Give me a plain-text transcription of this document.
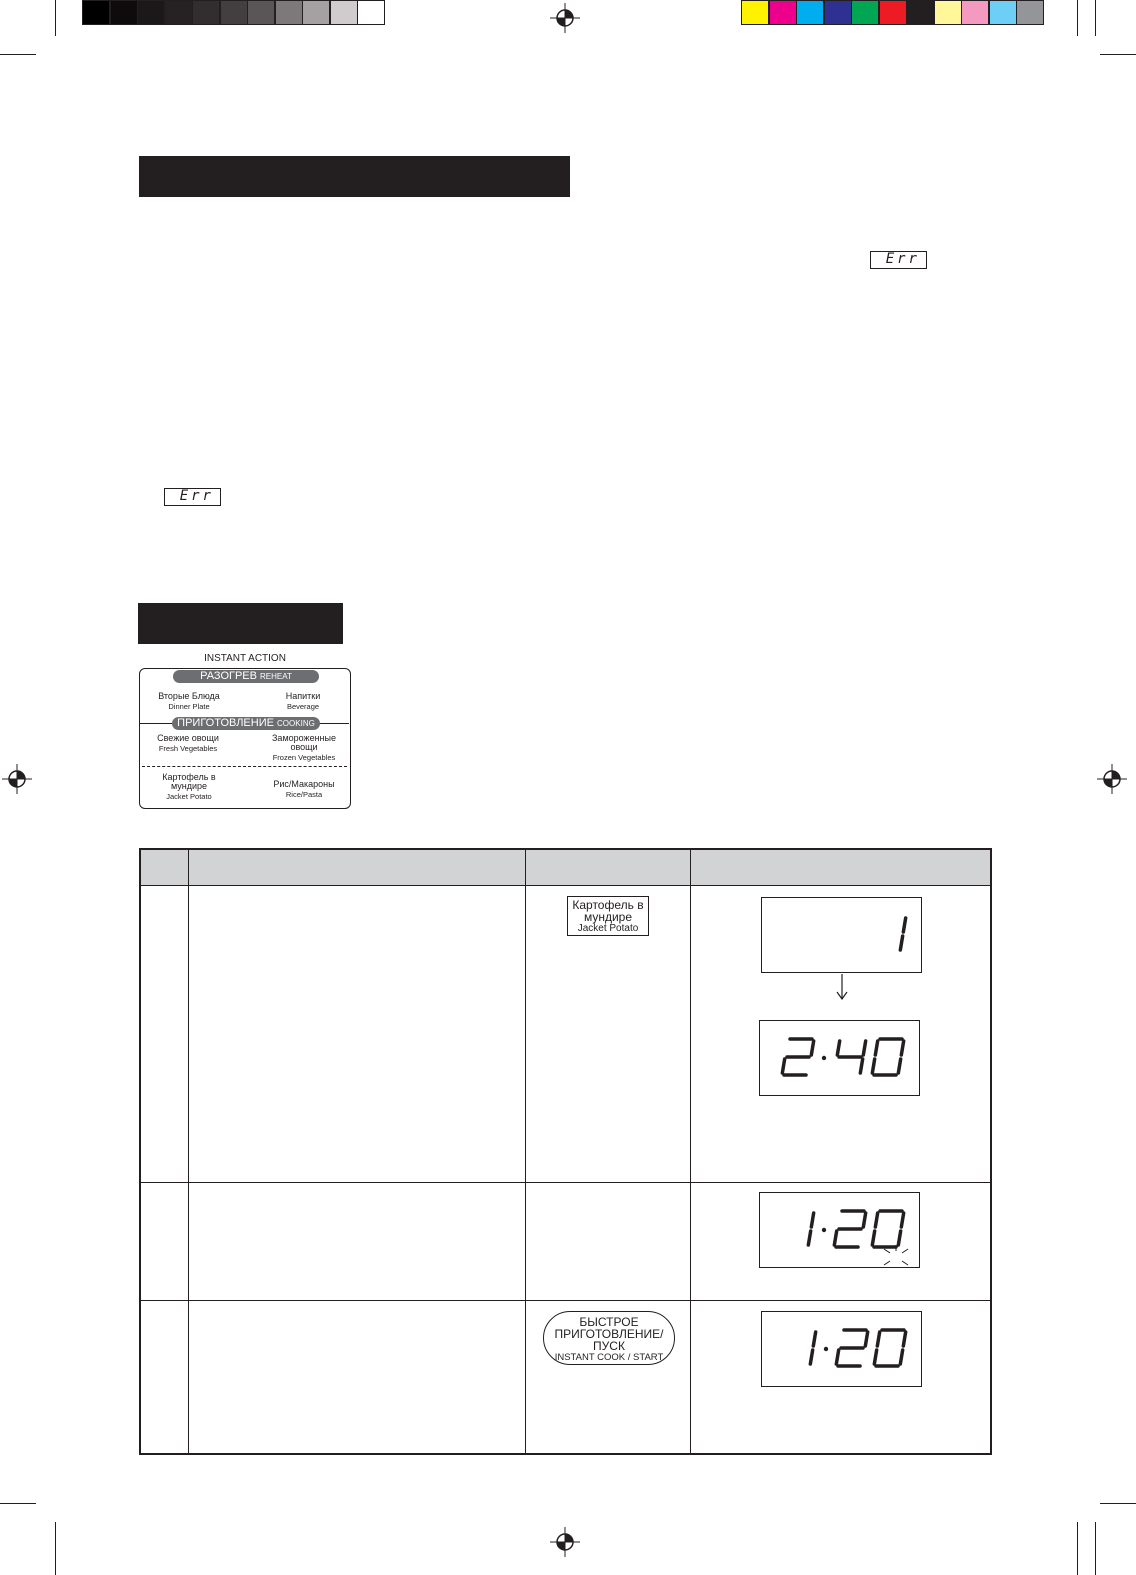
Err
Err
INSTANT ACTION
РАЗОГРЕВ REHEAT
Вторые Блюда
Dinner Plate
Напитки
Beverage
ПРИГОТОВЛЕНИЕ COOKING
Свежие овощи
Fresh Vegetables
Замороженные овощи
Frozen Vegetables
Картофель в мундире
Jacket Potato
Рис/Макароны
Rice/Pasta
Картофель в
мундире
Jacket Potato
БЫСТРОЕ
ПРИГОТОВЛЕНИЕ/
ПУСК
INSTANT COOK / START
